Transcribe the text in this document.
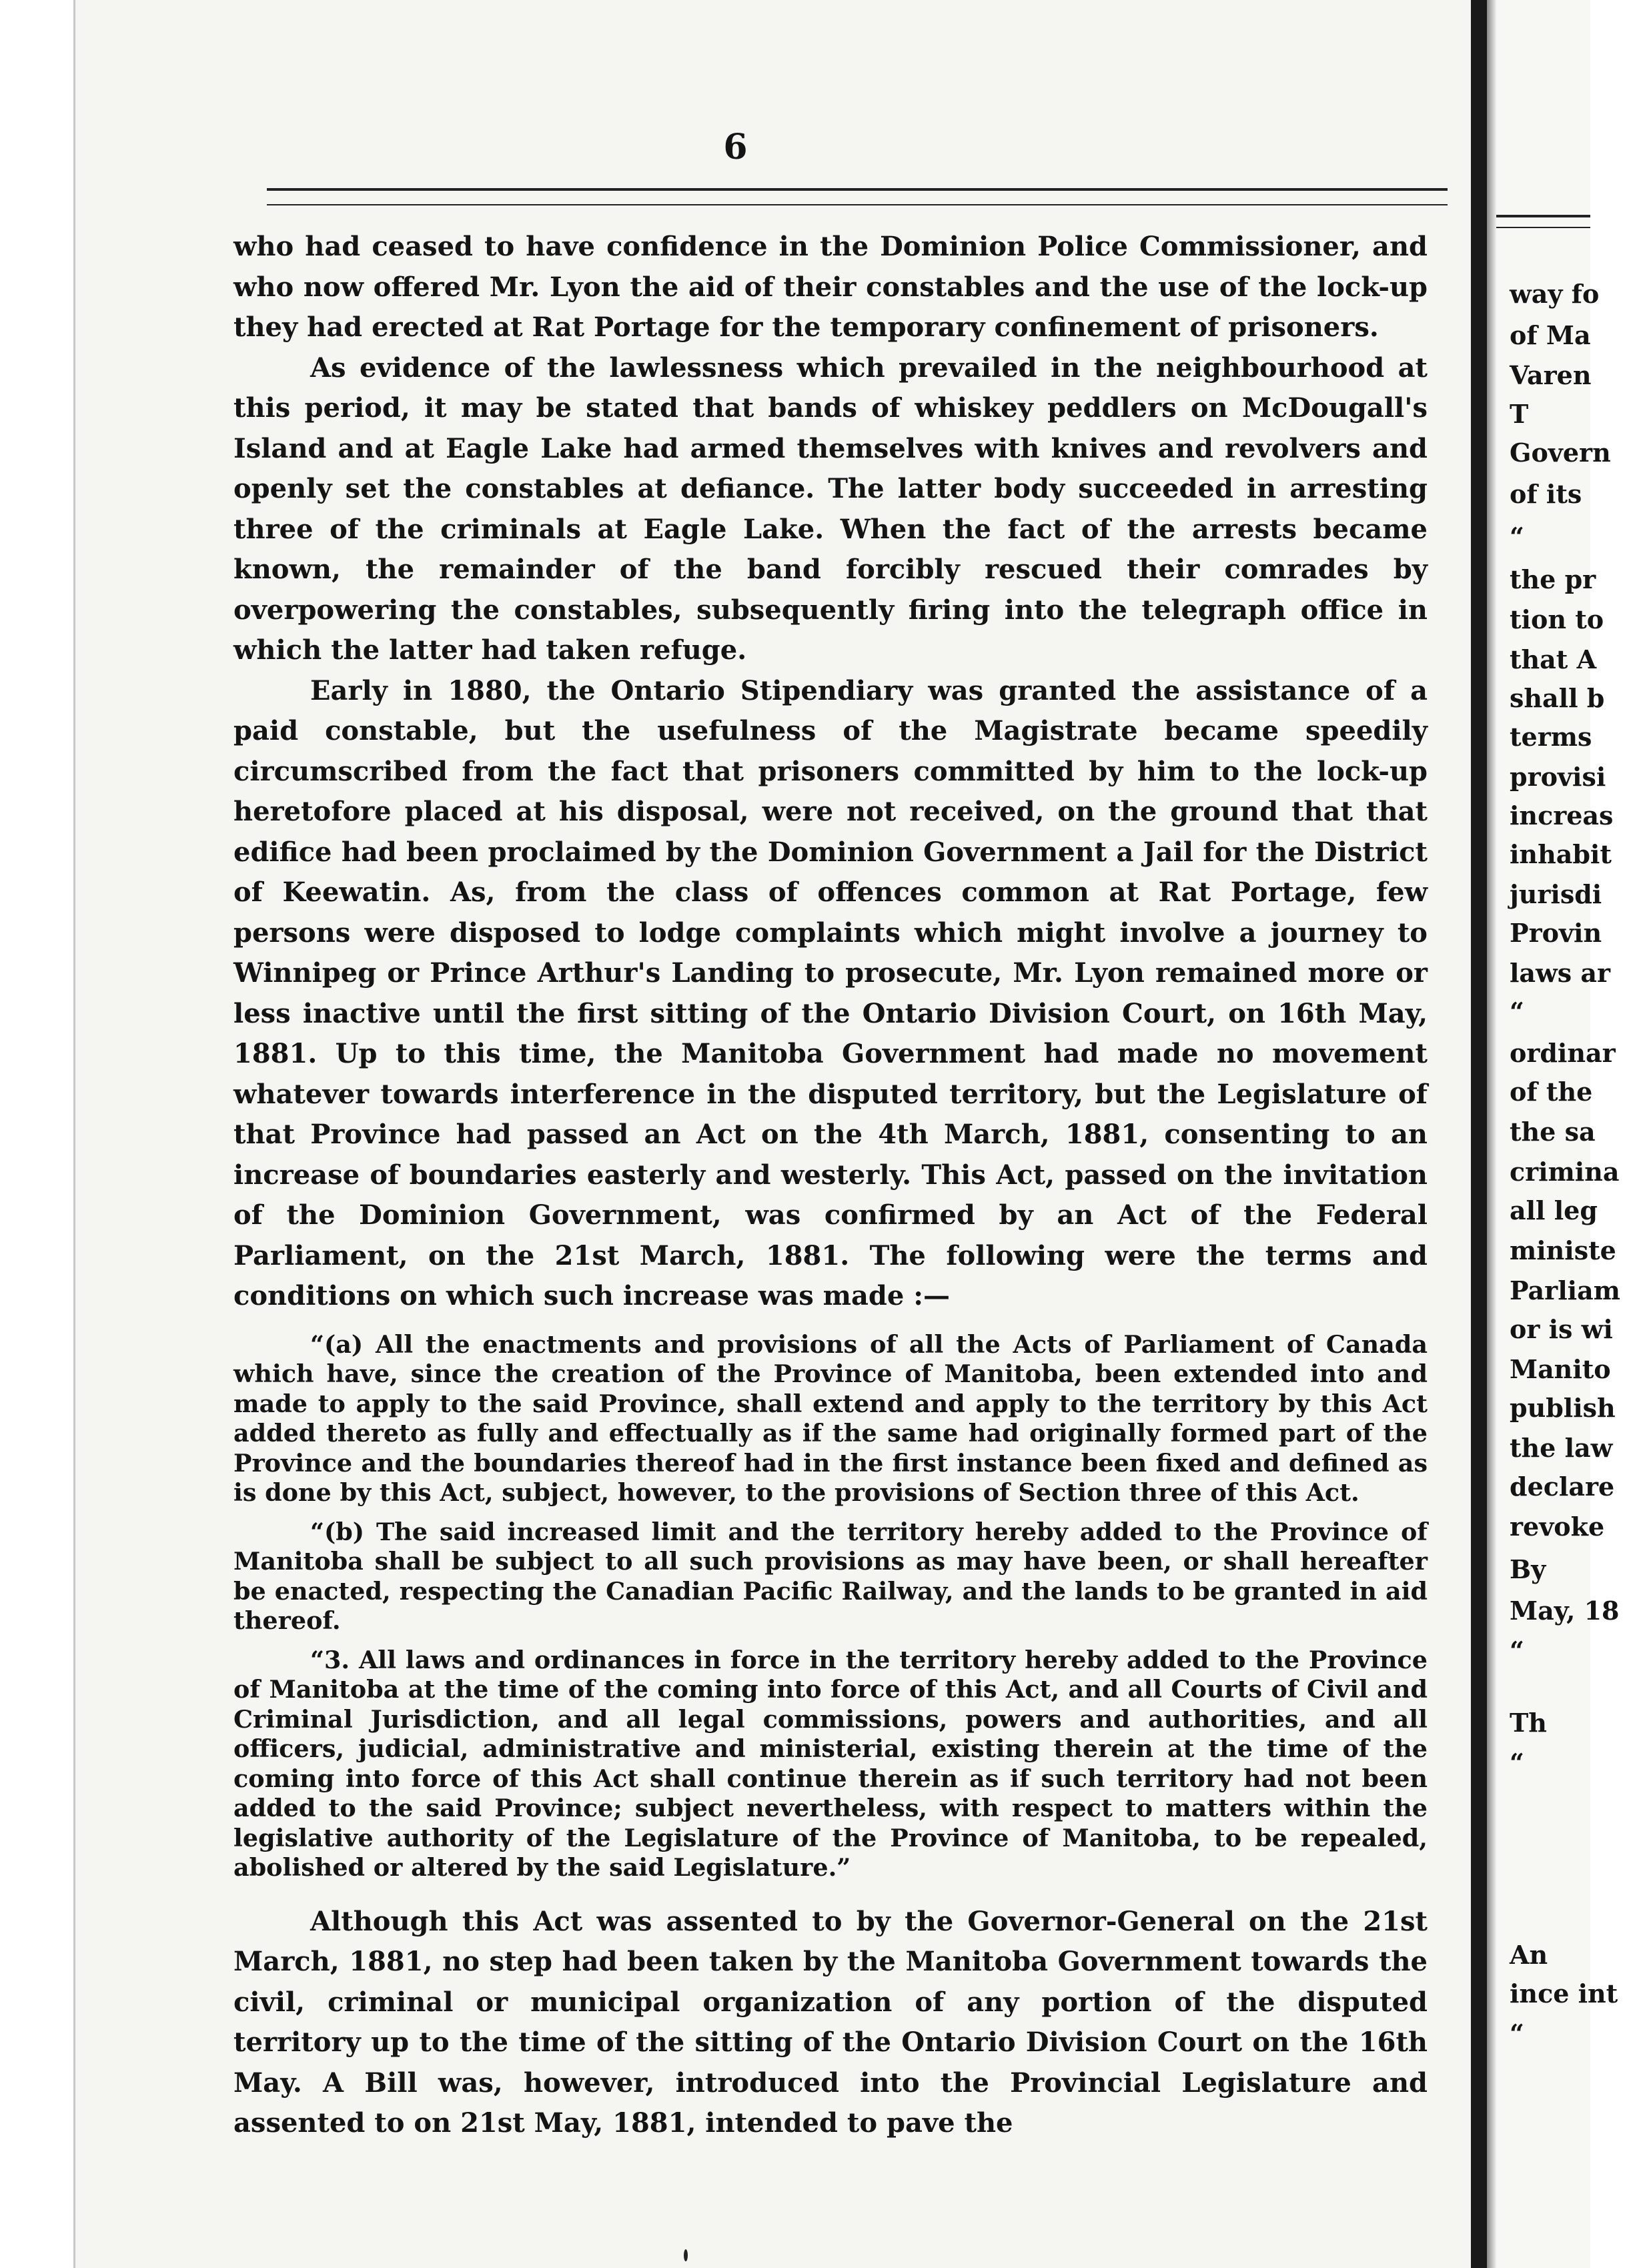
6

who had ceased to have confidence in the Dominion Police Commissioner, and who now offered Mr. Lyon the aid of their constables and the use of the lock-up they had erected at Rat Portage for the temporary confinement of prisoners.

As evidence of the lawlessness which prevailed in the neighbourhood at this period, it may be stated that bands of whiskey peddlers on McDougall's Island and at Eagle Lake had armed themselves with knives and revolvers and openly set the constables at defiance. The latter body succeeded in arresting three of the criminals at Eagle Lake. When the fact of the arrests became known, the remainder of the band forcibly rescued their comrades by overpowering the constables, subsequently firing into the telegraph office in which the latter had taken refuge.

Early in 1880, the Ontario Stipendiary was granted the assistance of a paid constable, but the usefulness of the Magistrate became speedily circumscribed from the fact that prisoners committed by him to the lock-up heretofore placed at his disposal, were not received, on the ground that that edifice had been proclaimed by the Dominion Government a Jail for the District of Keewatin. As, from the class of offences common at Rat Portage, few persons were disposed to lodge complaints which might involve a journey to Winnipeg or Prince Arthur's Landing to prosecute, Mr. Lyon remained more or less inactive until the first sitting of the Ontario Division Court, on 16th May, 1881. Up to this time, the Manitoba Government had made no movement whatever towards interference in the disputed territory, but the Legislature of that Province had passed an Act on the 4th March, 1881, consenting to an increase of boundaries easterly and westerly. This Act, passed on the invitation of the Dominion Government, was confirmed by an Act of the Federal Parliament, on the 21st March, 1881. The following were the terms and conditions on which such increase was made :—

“(a) All the enactments and provisions of all the Acts of Parliament of Canada which have, since the creation of the Province of Manitoba, been extended into and made to apply to the said Province, shall extend and apply to the territory by this Act added thereto as fully and effectually as if the same had originally formed part of the Province and the boundaries thereof had in the first instance been fixed and defined as is done by this Act, subject, however, to the provisions of Section three of this Act.

“(b) The said increased limit and the territory hereby added to the Province of Manitoba shall be subject to all such provisions as may have been, or shall hereafter be enacted, respecting the Canadian Pacific Railway, and the lands to be granted in aid thereof.

“3. All laws and ordinances in force in the territory hereby added to the Province of Manitoba at the time of the coming into force of this Act, and all Courts of Civil and Criminal Jurisdiction, and all legal commissions, powers and authorities, and all officers, judicial, administrative and ministerial, existing therein at the time of the coming into force of this Act shall continue therein as if such territory had not been added to the said Province; subject nevertheless, with respect to matters within the legislative authority of the Legislature of the Province of Manitoba, to be repealed, abolished or altered by the said Legislature.”

Although this Act was assented to by the Governor-General on the 21st March, 1881, no step had been taken by the Manitoba Government towards the civil, criminal or municipal organization of any portion of the disputed territory up to the time of the sitting of the Ontario Division Court on the 16th May. A Bill was, however, introduced into the Provincial Legislature and assented to on 21st May, 1881, intended to pave the

way fo
of Ma
Varen
T
Govern
of its
“
the pr
tion to
that A
shall b
terms
provisi
increas
inhabit
jurisdi
Provin
laws ar
“
ordinar
of the
the sa
crimina
all leg
ministe
Parliam
or is wi
Manito
publish
the law
declare
revoke
By
May, 18
“
Th
“
An
ince int
“
